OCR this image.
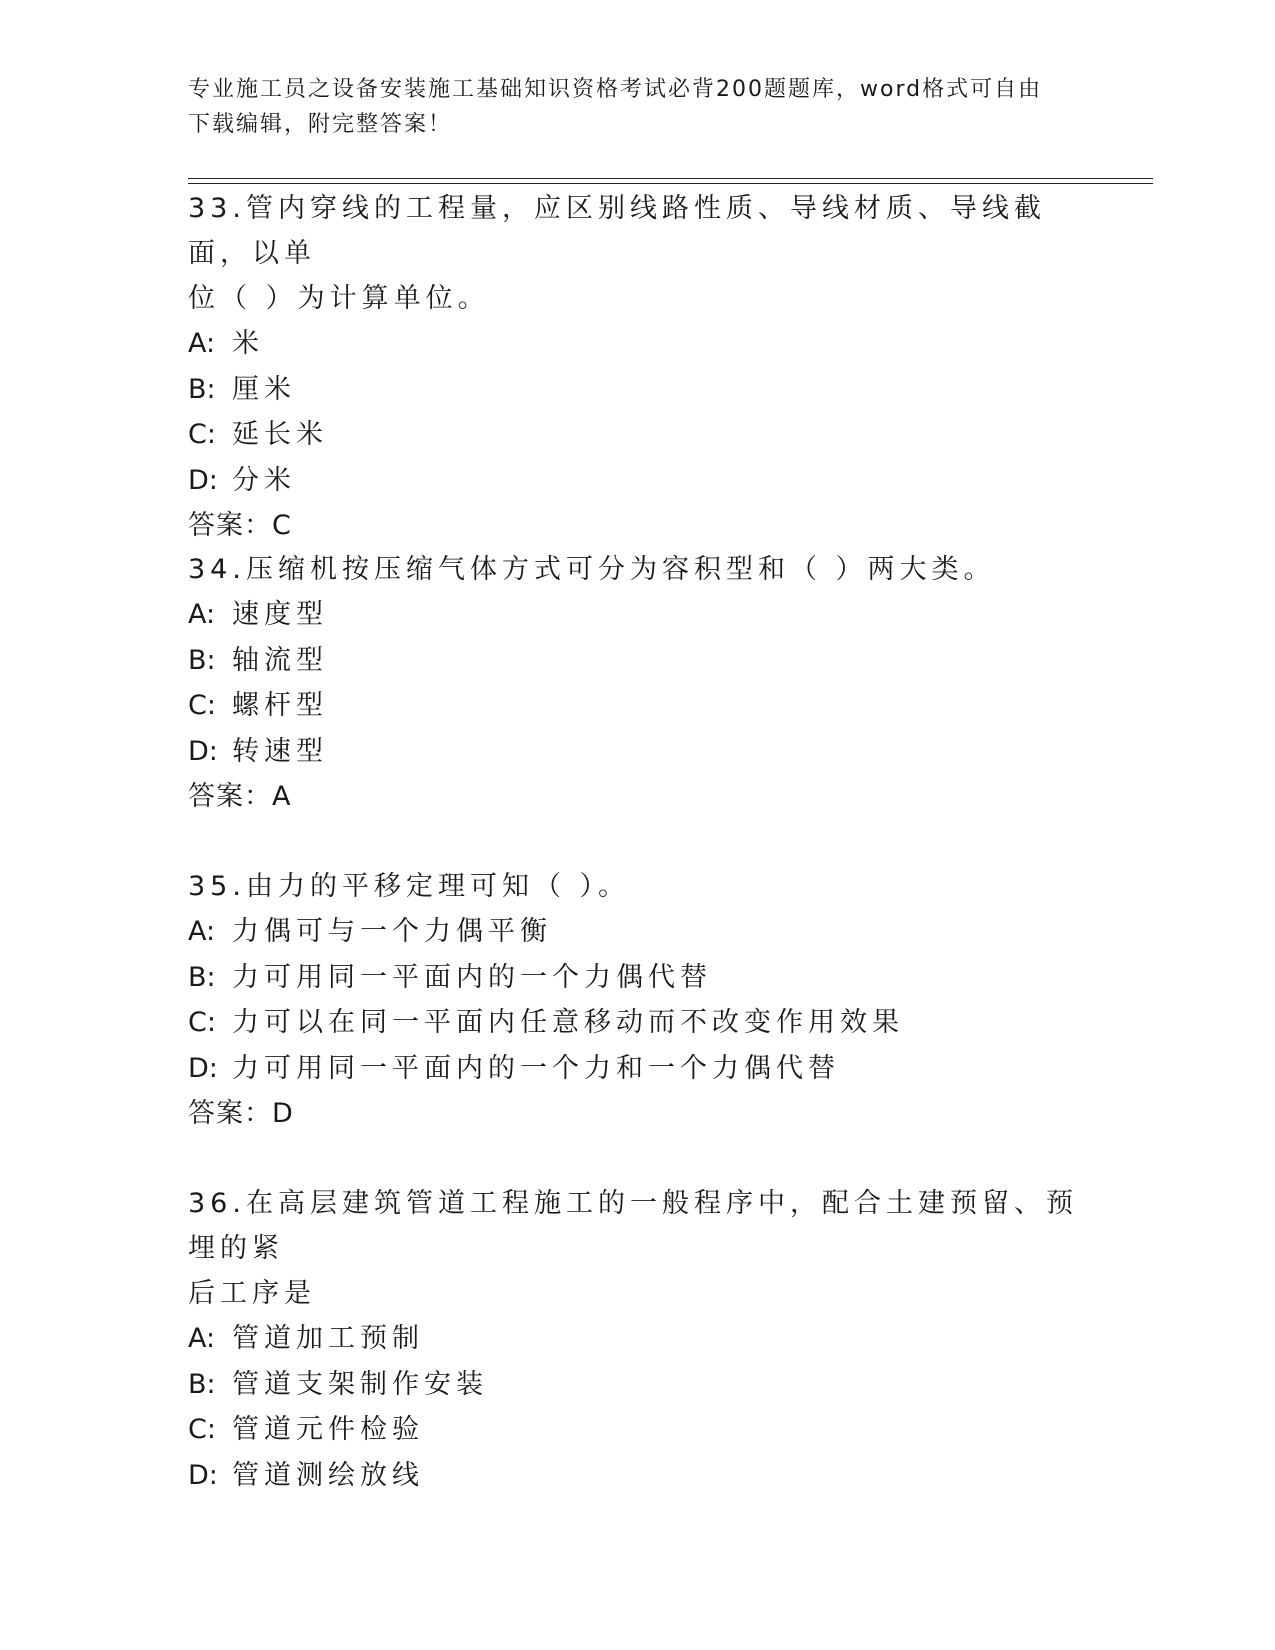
专业施工员之设备安装施工基础知识资格考试必背200题题库，word格式可自由
下载编辑，附完整答案！

33.管内穿线的工程量，应区别线路性质、导线材质、导线截面，以单
位（ ）为计算单位。

A: 米

B: 厘米

C: 延长米

D: 分米

答案：C

34.压缩机按压缩气体方式可分为容积型和（ ）两大类。

A: 速度型

B: 轴流型

C: 螺杆型

D: 转速型

答案：A

35.由力的平移定理可知（ ）。

A: 力偶可与一个力偶平衡

B: 力可用同一平面内的一个力偶代替

C: 力可以在同一平面内任意移动而不改变作用效果

D: 力可用同一平面内的一个力和一个力偶代替

答案：D

36.在高层建筑管道工程施工的一般程序中，配合土建预留、预埋的紧
后工序是

A: 管道加工预制

B: 管道支架制作安装

C: 管道元件检验

D: 管道测绘放线
